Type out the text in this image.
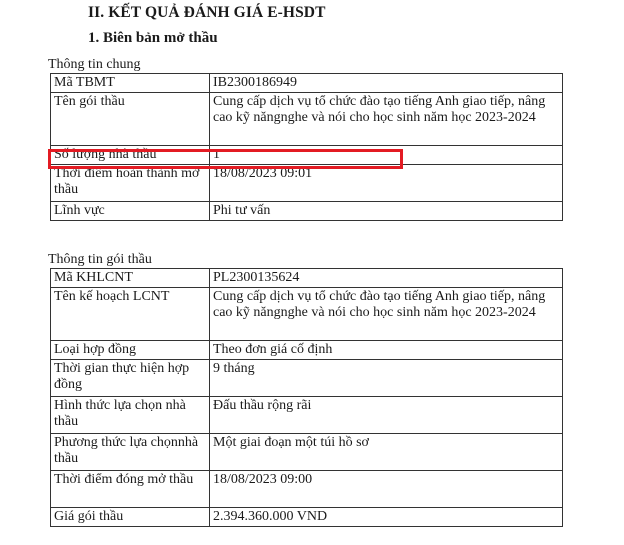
II. KẾT QUẢ ĐÁNH GIÁ E-HSDT
1. Biên bản mở thầu
Thông tin chung
Mã TBMT	IB2300186949
Tên gói thầu	Cung cấp dịch vụ tổ chức đào tạo tiếng Anh giao tiếp, nâng cao kỹ năngnghe và nói cho học sinh năm học 2023-2024
Số lượng nhà thầu	1
Thời điểm hoàn thành mở thầu	18/08/2023 09:01
Lĩnh vực	Phi tư vấn
Thông tin gói thầu
Mã KHLCNT	PL2300135624
Tên kế hoạch LCNT	Cung cấp dịch vụ tổ chức đào tạo tiếng Anh giao tiếp, nâng cao kỹ năngnghe và nói cho học sinh năm học 2023-2024
Loại hợp đồng	Theo đơn giá cố định
Thời gian thực hiện hợp đồng	9 tháng
Hình thức lựa chọn nhà thầu	Đấu thầu rộng rãi
Phương thức lựa chọnnhà thầu	Một giai đoạn một túi hồ sơ
Thời điểm đóng mở thầu	18/08/2023 09:00
Giá gói thầu	2.394.360.000 VND
